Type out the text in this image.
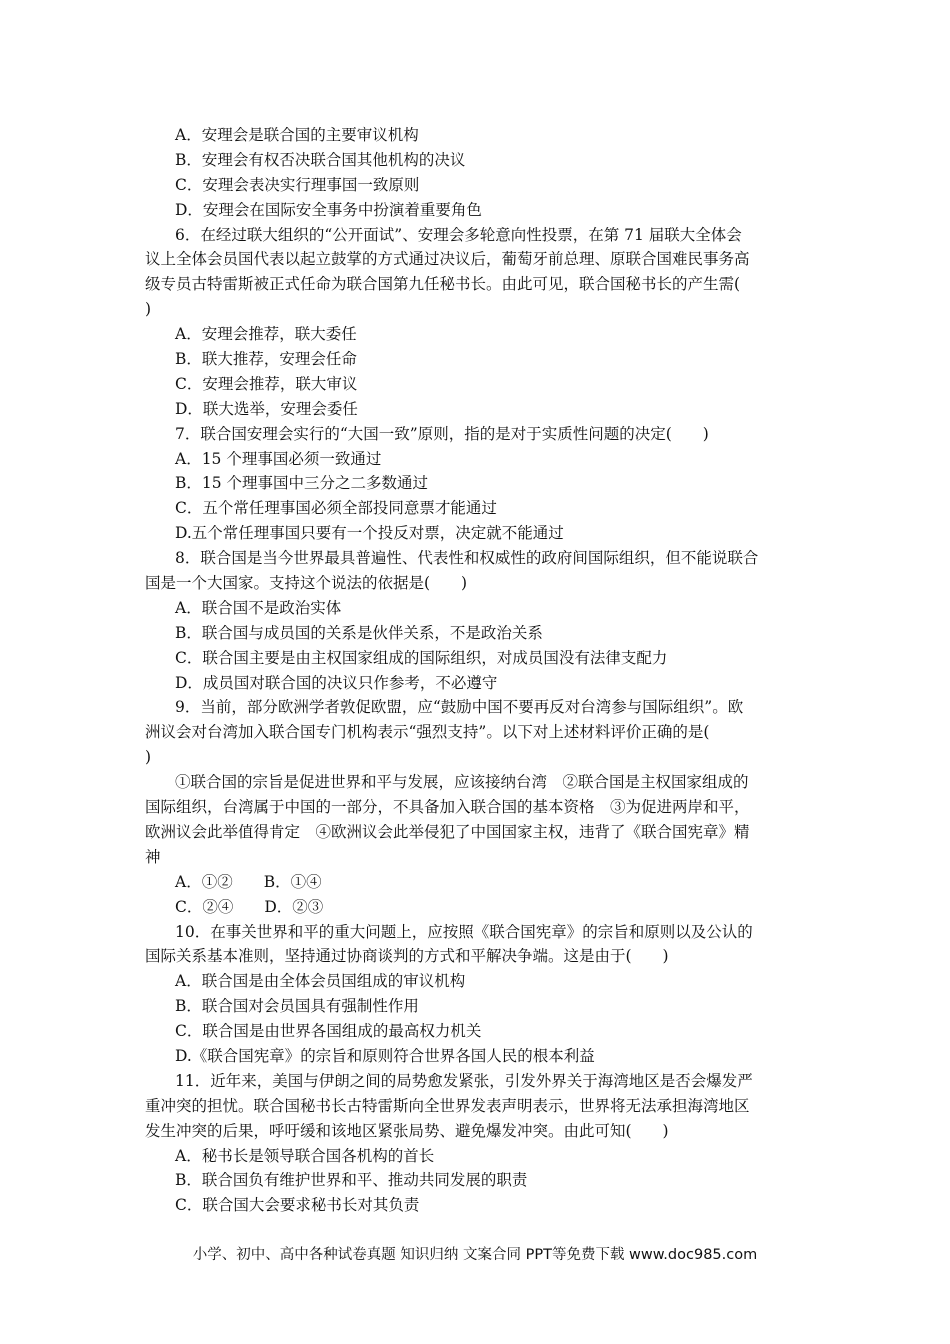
A．安理会是联合国的主要审议机构
B．安理会有权否决联合国其他机构的决议
C．安理会表决实行理事国一致原则
D．安理会在国际安全事务中扮演着重要角色
6．在经过联大组织的“公开面试”、安理会多轮意向性投票，在第 71 届联大全体会
议上全体会员国代表以起立鼓掌的方式通过决议后，葡萄牙前总理、原联合国难民事务高
级专员古特雷斯被正式任命为联合国第九任秘书长。由此可见，联合国秘书长的产生需(
)
A．安理会推荐，联大委任
B．联大推荐，安理会任命
C．安理会推荐，联大审议
D．联大选举，安理会委任
7．联合国安理会实行的“大国一致”原则，指的是对于实质性问题的决定(　　)
A．15 个理事国必须一致通过
B．15 个理事国中三分之二多数通过
C．五个常任理事国必须全部投同意票才能通过
D.五个常任理事国只要有一个投反对票，决定就不能通过
8．联合国是当今世界最具普遍性、代表性和权威性的政府间国际组织，但不能说联合
国是一个大国家。支持这个说法的依据是(　　)
A．联合国不是政治实体
B．联合国与成员国的关系是伙伴关系，不是政治关系
C．联合国主要是由主权国家组成的国际组织，对成员国没有法律支配力
D．成员国对联合国的决议只作参考，不必遵守
9．当前，部分欧洲学者敦促欧盟，应“鼓励中国不要再反对台湾参与国际组织”。欧
洲议会对台湾加入联合国专门机构表示“强烈支持”。以下对上述材料评价正确的是(
)
①联合国的宗旨是促进世界和平与发展，应该接纳台湾　②联合国是主权国家组成的
国际组织，台湾属于中国的一部分，不具备加入联合国的基本资格　③为促进两岸和平，
欧洲议会此举值得肯定　④欧洲议会此举侵犯了中国国家主权，违背了《联合国宪章》精
神
A．①②　　B．①④
C．②④　　D．②③
10．在事关世界和平的重大问题上，应按照《联合国宪章》的宗旨和原则以及公认的
国际关系基本准则，坚持通过协商谈判的方式和平解决争端。这是由于(　　)
A．联合国是由全体会员国组成的审议机构
B．联合国对会员国具有强制性作用
C．联合国是由世界各国组成的最高权力机关
D.《联合国宪章》的宗旨和原则符合世界各国人民的根本利益
11．近年来，美国与伊朗之间的局势愈发紧张，引发外界关于海湾地区是否会爆发严
重冲突的担忧。联合国秘书长古特雷斯向全世界发表声明表示，世界将无法承担海湾地区
发生冲突的后果，呼吁缓和该地区紧张局势、避免爆发冲突。由此可知(　　)
A．秘书长是领导联合国各机构的首长
B．联合国负有维护世界和平、推动共同发展的职责
C．联合国大会要求秘书长对其负责
小学、初中、高中各种试卷真题 知识归纳 文案合同 PPT等免费下载 www.doc985.com
